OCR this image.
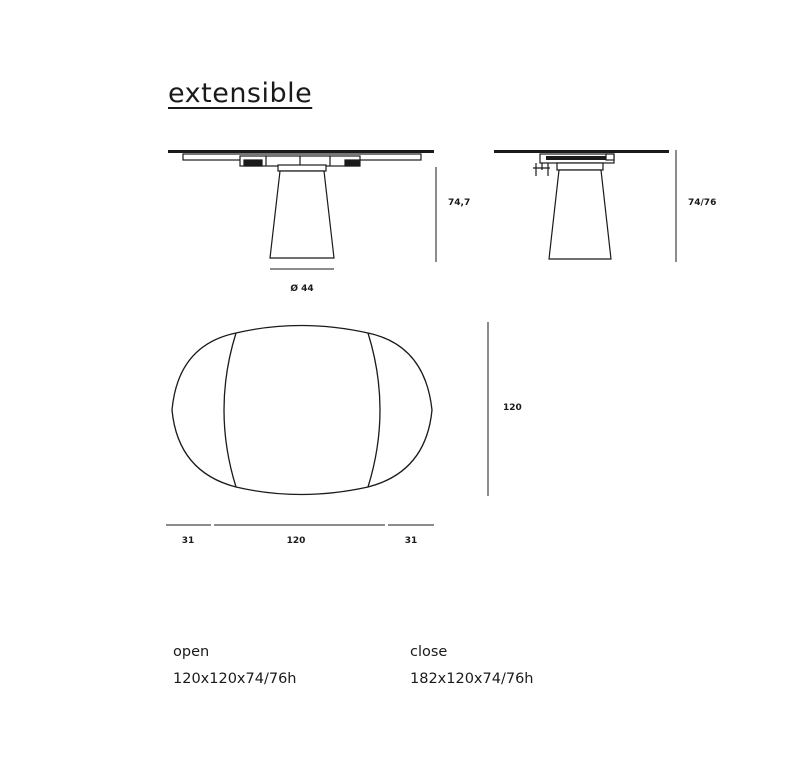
extensible
74,7
Ø 44
74/76
120
31	120	31
open
120x120x74/76h
close
182x120x74/76h
